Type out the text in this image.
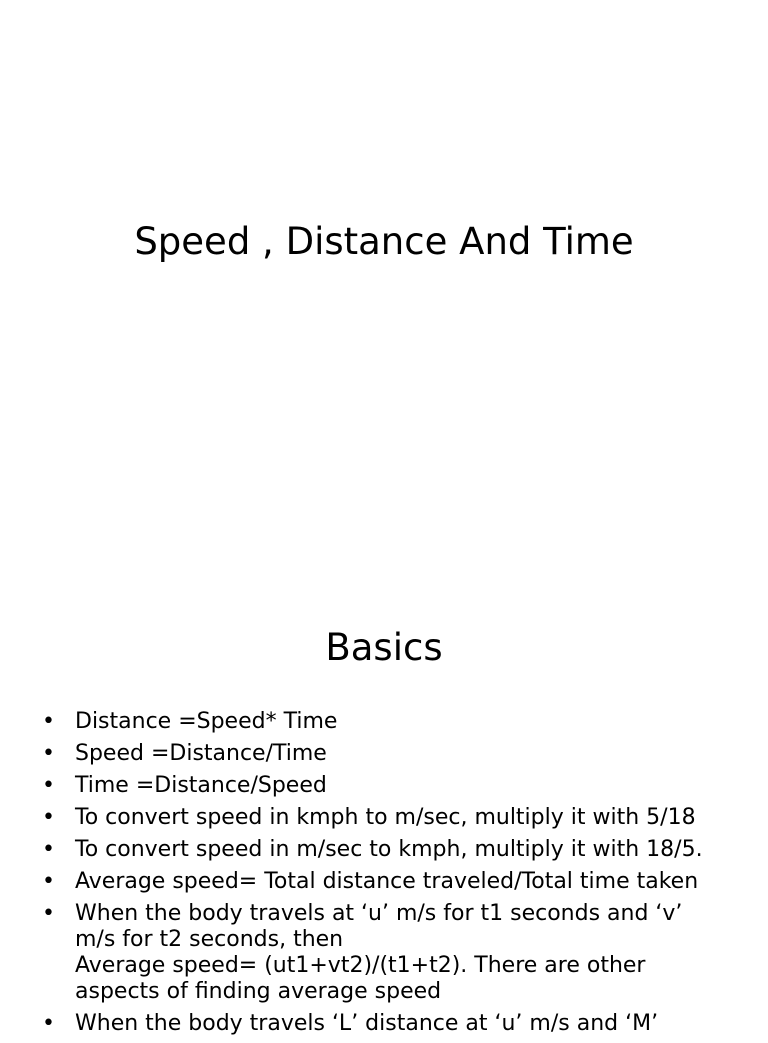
Speed , Distance And Time
Basics
• Distance =Speed* Time
• Speed =Distance/Time
• Time =Distance/Speed
• To convert speed in kmph to m/sec, multiply it with 5/18
• To convert speed in m/sec to kmph, multiply it with 18/5.
• Average speed= Total distance traveled/Total time taken
• When the body travels at ‘u’ m/s for t1 seconds and ‘v’ m/s for t2 seconds, then
Average speed= (ut1+vt2)/(t1+t2). There are other aspects of finding average speed
• When the body travels ‘L’ distance at ‘u’ m/s and ‘M’
